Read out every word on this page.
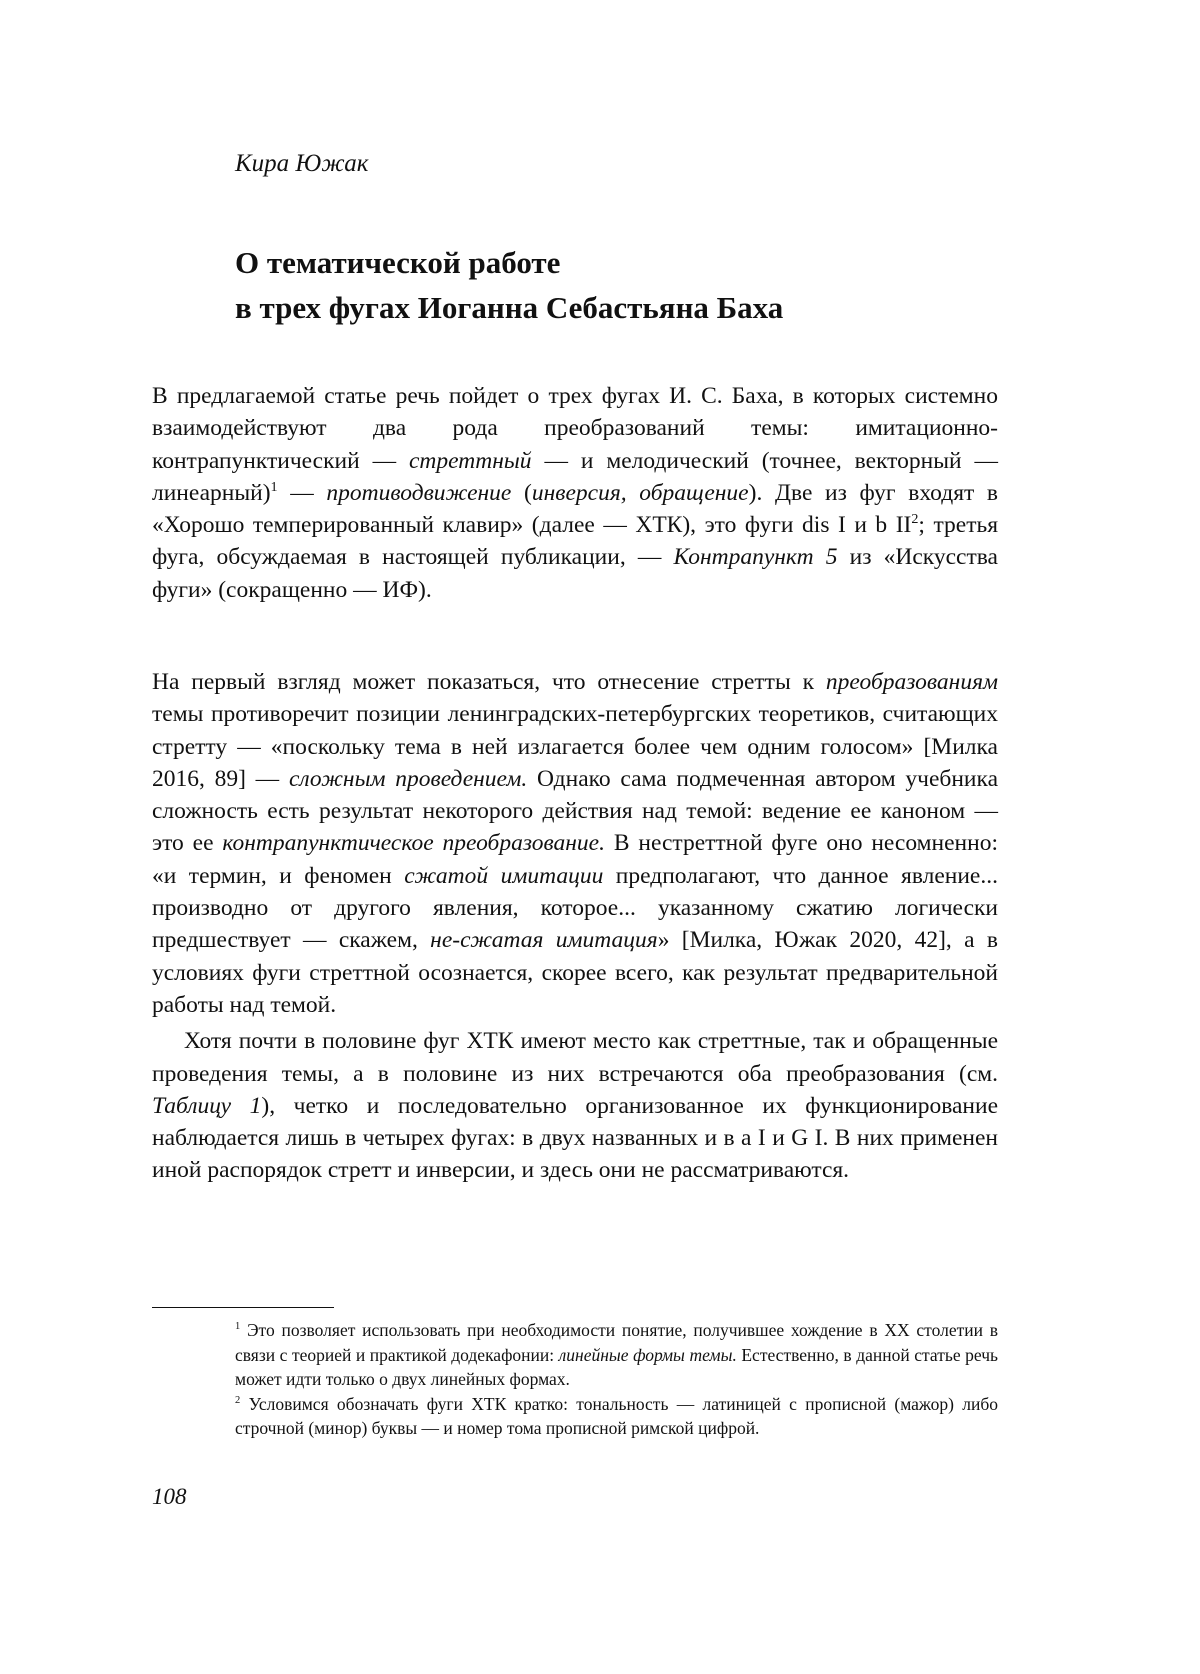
Кира Южак
О тематической работе
в трех фугах Иоганна Себастьяна Баха

В предлагаемой статье речь пойдет о трех фугах И. С. Баха, в которых систем­но взаимодействуют два рода преобразований темы: имитационно-контрапунктический — стреттный — и мелодический (точнее, вектор­ный — линеарный)1 — противодвижение (инверсия, обращение). Две из фуг входят в «Хорошо темперированный клавир» (далее — ХТК), это фуги dis I и b II2; третья фуга, обсуждаемая в настоящей публикации, — Контрапункт 5 из «Искусства фуги» (сокращенно — ИФ).

На первый взгляд может показаться, что отнесение стретты к преобразо­ваниям темы противоречит позиции ленинградских-петербургских тео­ретиков, считающих стретту — «поскольку тема в ней излагается более чем одним голосом» [Милка 2016, 89] — сложным проведением. Однако сама подмеченная автором учебника сложность есть результат некото­рого действия над темой: ведение ее каноном — это ее контрапункти­ческое преобразование. В нестреттной фуге оно несомненно: «и термин, и феномен сжатой имитации предполагают, что данное явление... производно от другого явления, которое... указанному сжатию логиче­ски предшествует — скажем, не-сжатая имитация» [Милка, Южак 2020, 42], а в условиях фуги стреттной осознается, скорее всего, как результат предварительной работы над темой.

Хотя почти в половине фуг ХТК имеют место как стреттные, так и об­ращенные проведения темы, а в половине из них встречаются оба преоб­разования (см. Таблицу 1), четко и последовательно организованное их функционирование наблюдается лишь в четырех фугах: в двух назван­ных и в a I и G I. В них применен иной распорядок стретт и инверсии, и здесь они не рассматриваются.

1 Это позволяет использовать при необходимости понятие, получившее хождение в XX столетии в связи с теорией и практикой додекафонии: линейные формы темы. Естественно, в данной статье речь может идти только о двух линейных формах.

2 Условимся обозначать фуги ХТК кратко: тональность — латиницей с прописной (ма­жор) либо строчной (минор) буквы — и номер тома прописной римской цифрой.

108
